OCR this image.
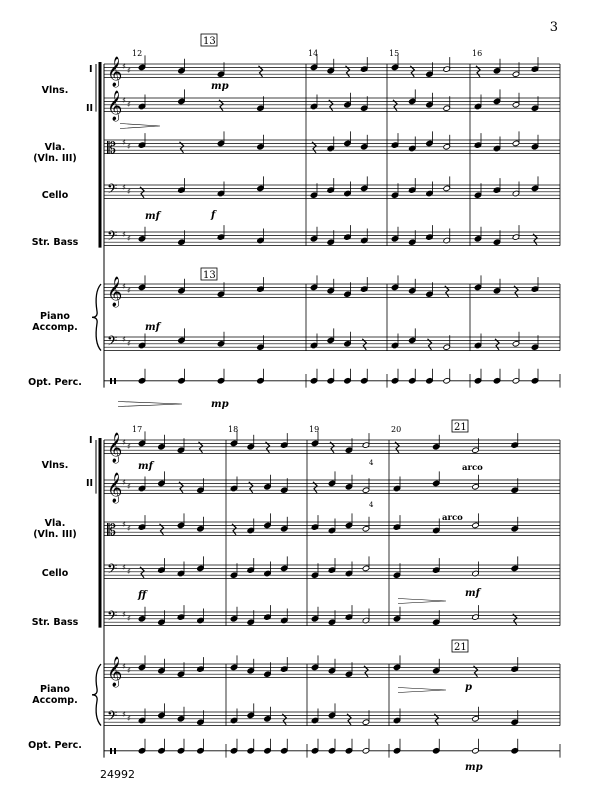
3
Vlns.
I
II
Vla.
(Vln. III)
Cello
Str. Bass
Piano
Accomp.
Opt. Perc.
Vlns.
I
II
Vla.
(Vln. III)
Cello
Str. Bass
Piano
Accomp.
Opt. Perc.
𝄞 ♯ ♯
𝄞 ♯ ♯
𝄡 ♯ ♯
𝄢 ♯ ♯
𝄢 ♯ ♯
𝄞 ♯ ♯
𝄢 ♯ ♯
12	14	15	16
13
13
mp
mf	f
mp
mf
𝄞 ♯ ♯
𝄞 ♯ ♯
𝄡 ♯ ♯
𝄢 ♯ ♯
𝄢 ♯ ♯
𝄞 ♯ ♯
𝄢 ♯ ♯
17	18	19	20	21
21
mf
ff	mf
mp
p
arco
arco
4
4
24992
